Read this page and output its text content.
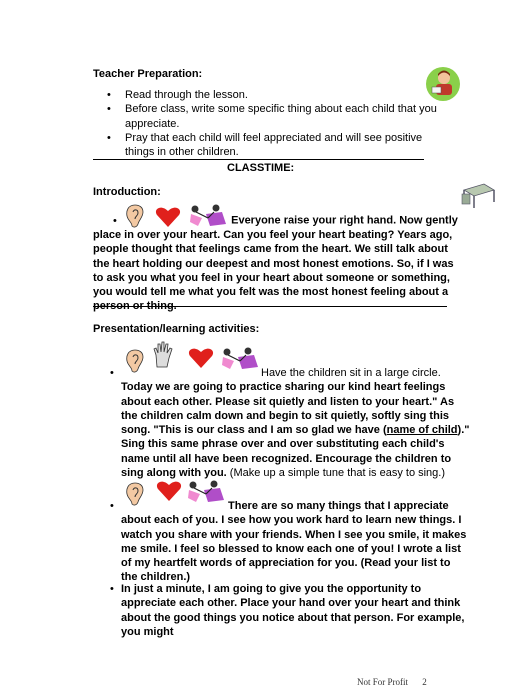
Teacher Preparation:
• Read through the lesson.
• Before class, write some specific thing about each child that you appreciate.
• Pray that each child will feel appreciated and will see positive things in other children.
CLASSTIME:
Introduction:
•	Everyone raise your right hand. Now gently place in over your heart. Can you feel your heart beating? Years ago, people thought that feelings came from the heart. We still talk about the heart holding our deepest and most honest emotions. So, if I was to ask you what you feel in your heart about someone or something, you would tell me what you felt was the most honest feeling about a person or thing.
Presentation/learning activities:
•	Have the children sit in a large circle. Today we are going to practice sharing our kind heart feelings about each other. Please sit quietly and listen to your heart." As the children calm down and begin to sit quietly, softly sing this song. "This is our class and I am so glad we have (name of child)." Sing this same phrase over and over substituting each child's name until all have been recognized. Encourage the children to sing along with you. (Make up a simple tune that is easy to sing.)
•	There are so many things that I appreciate about each of you. I see how you work hard to learn new things. I watch you share with your friends. When I see you smile, it makes me smile. I feel so blessed to know each one of you! I wrote a list of my heartfelt words of appreciation for you. (Read your list to the children.)
• In just a minute, I am going to give you the opportunity to appreciate each other. Place your hand over your heart and think about the good things you notice about that person. For example, you might
Not For Profit 2
